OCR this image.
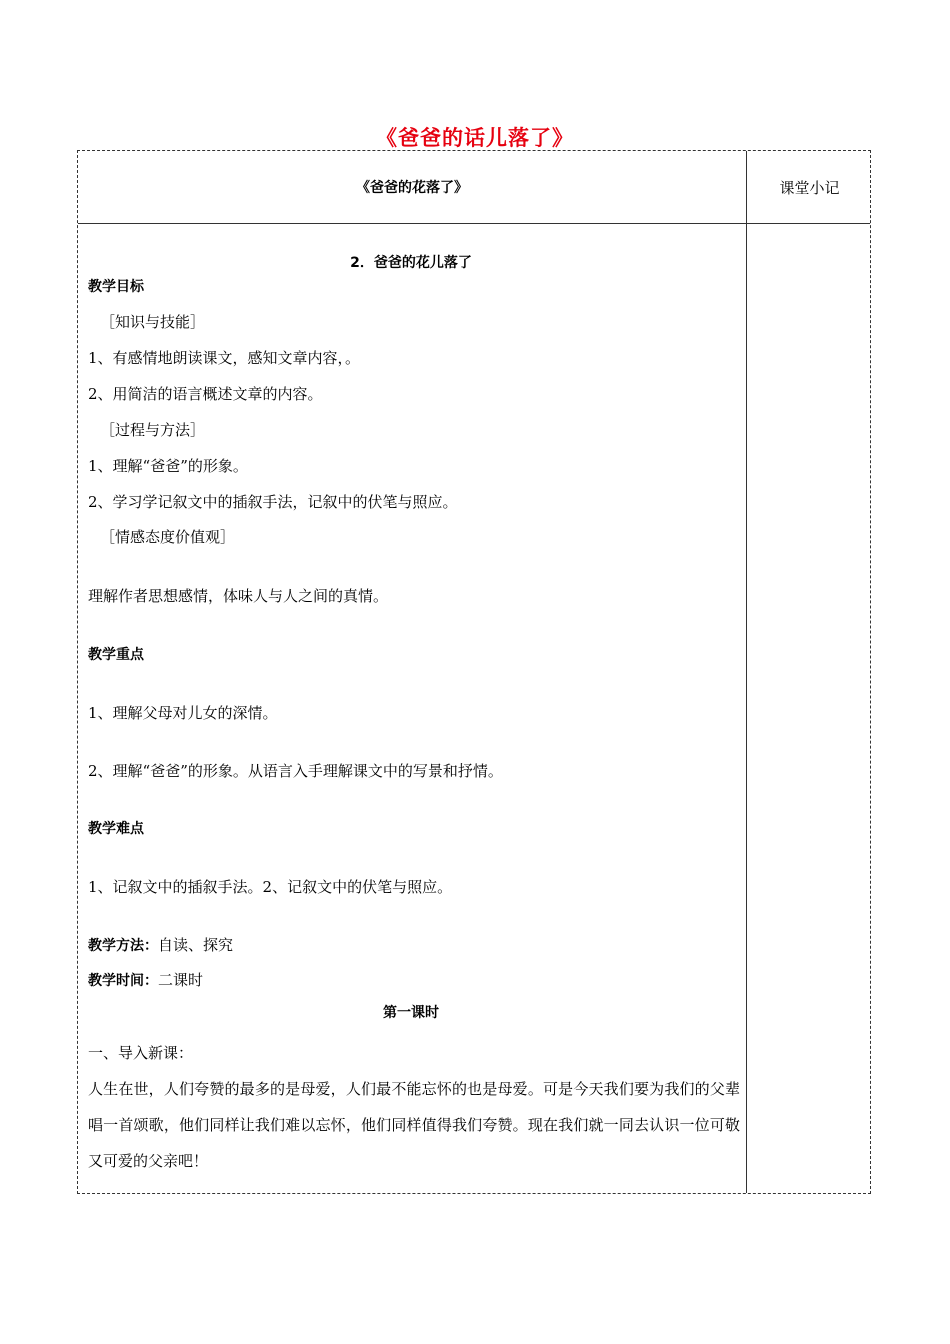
《爸爸的话儿落了》
《爸爸的花落了》	课堂小记
2．爸爸的花儿落了
教学目标
［知识与技能］
1、有感情地朗读课文，感知文章内容，。
2、用简洁的语言概述文章的内容。
［过程与方法］
1、理解“爸爸”的形象。
2、学习学记叙文中的插叙手法，记叙中的伏笔与照应。
［情感态度价值观］
理解作者思想感情，体味人与人之间的真情。
教学重点
1、理解父母对儿女的深情。
2、理解“爸爸”的形象。从语言入手理解课文中的写景和抒情。
教学难点
1、记叙文中的插叙手法。2、记叙文中的伏笔与照应。
教学方法：自读、探究
教学时间：二课时
第一课时
一、导入新课：
人生在世，人们夸赞的最多的是母爱，人们最不能忘怀的也是母爱。可是今天我们要为我们的父辈唱一首颂歌，他们同样让我们难以忘怀，他们同样值得我们夸赞。现在我们就一同去认识一位可敬又可爱的父亲吧！
